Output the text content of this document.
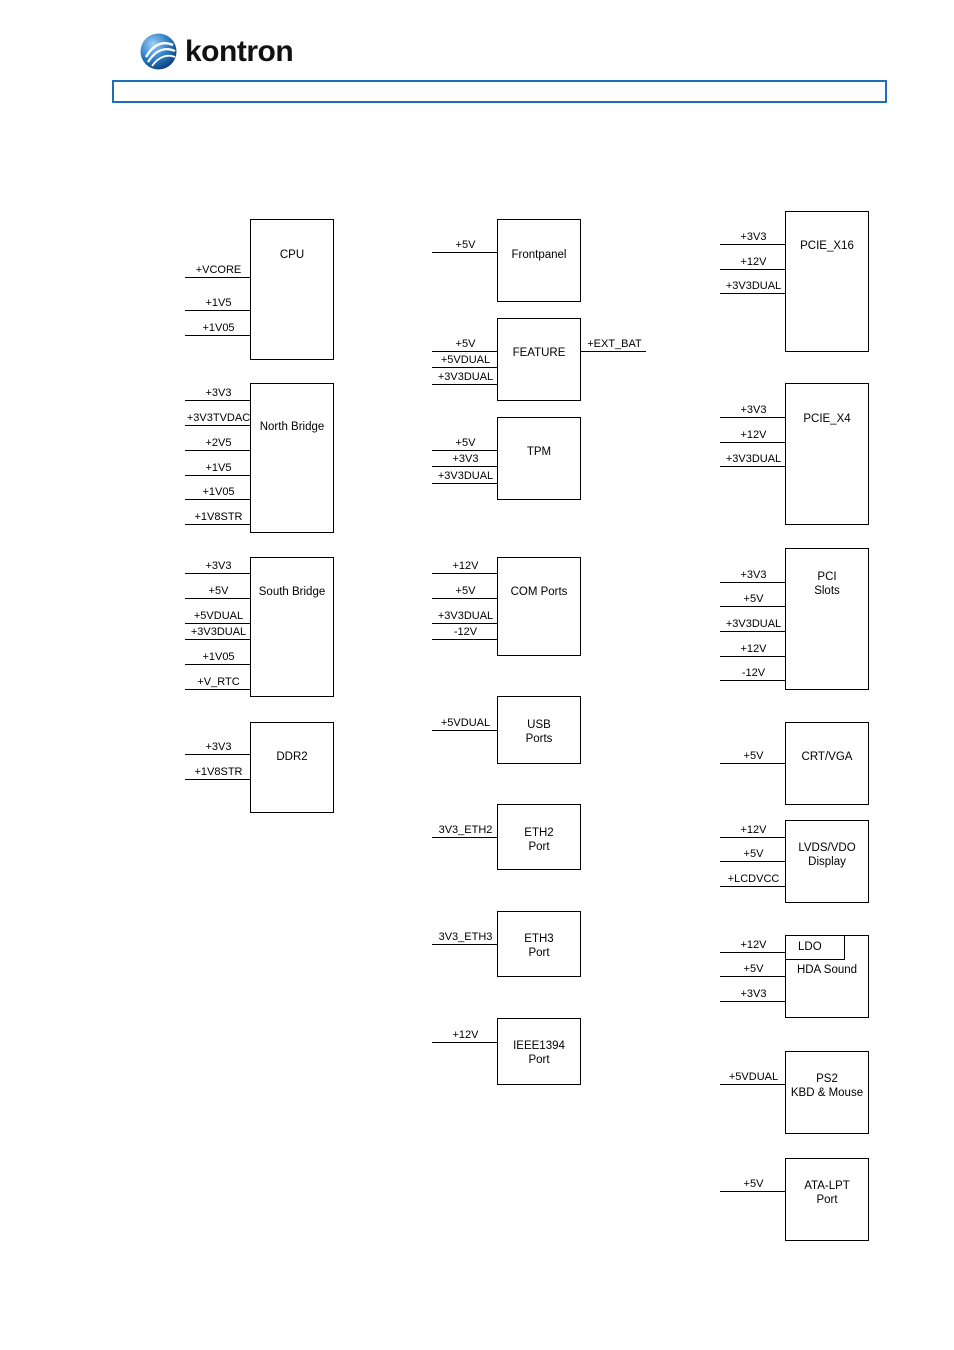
kontron
CPU
+VCORE
+1V5
+1V05
North Bridge
+3V3
+3V3TVDAC
+2V5
+1V5
+1V05
+1V8STR
South Bridge
+3V3
+5V
+5VDUAL
+3V3DUAL
+1V05
+V_RTC
DDR2
+3V3
+1V8STR
Frontpanel
+5V
FEATURE
+5V
+5VDUAL
+3V3DUAL
+EXT_BAT
TPM
+5V
+3V3
+3V3DUAL
COM Ports
+12V
+5V
+3V3DUAL
-12V
USB
Ports
+5VDUAL
ETH2
Port
3V3_ETH2
ETH3
Port
3V3_ETH3
IEEE1394
Port
+12V
PCIE_X16
+3V3
+12V
+3V3DUAL
PCIE_X4
+3V3
+12V
+3V3DUAL
PCI
Slots
+3V3
+5V
+3V3DUAL
+12V
-12V
CRT/VGA
+5V
LVDS/VDO
Display
+12V
+5V
+LCDVCC
HDA Sound
LDO
+12V
+5V
+3V3
PS2
KBD & Mouse
+5VDUAL
ATA-LPT
Port
+5V
